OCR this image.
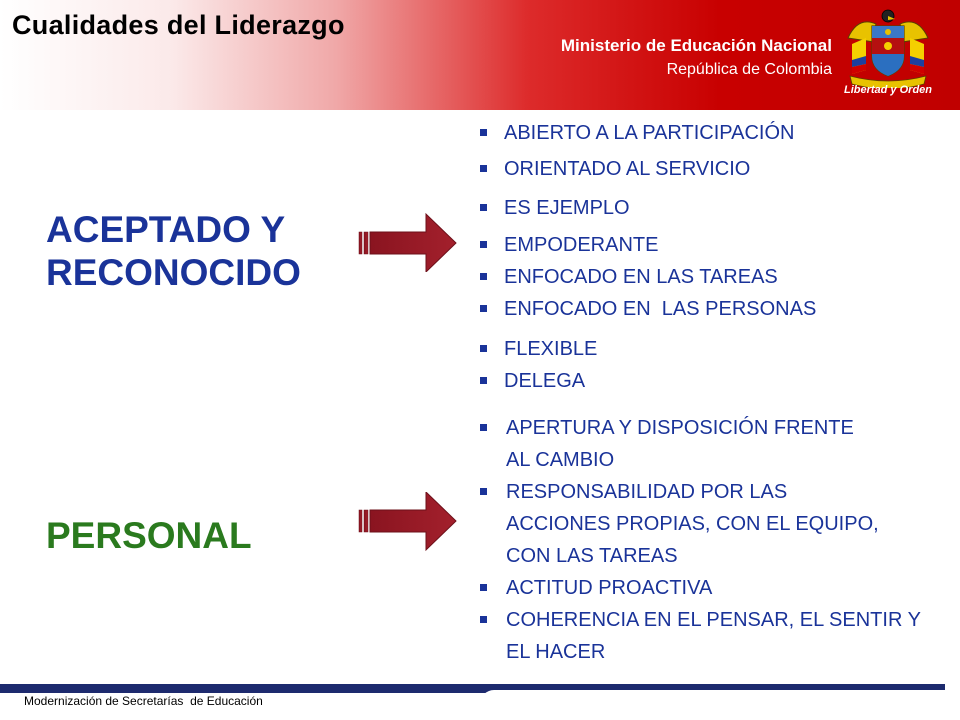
Cualidades del Liderazgo
Ministerio de Educación Nacional
República de Colombia
Libertad y Orden
ACEPTADO Y
RECONOCIDO
PERSONAL
ABIERTO A LA PARTICIPACIÓN
ORIENTADO AL SERVICIO
ES EJEMPLO
EMPODERANTE
ENFOCADO EN LAS TAREAS
ENFOCADO EN  LAS PERSONAS
FLEXIBLE
DELEGA
APERTURA Y DISPOSICIÓN FRENTE AL CAMBIO
RESPONSABILIDAD POR LAS ACCIONES PROPIAS, CON EL EQUIPO, CON LAS TAREAS
ACTITUD PROACTIVA
COHERENCIA EN EL PENSAR, EL SENTIR Y EL HACER
Modernización de Secretarías  de Educación
